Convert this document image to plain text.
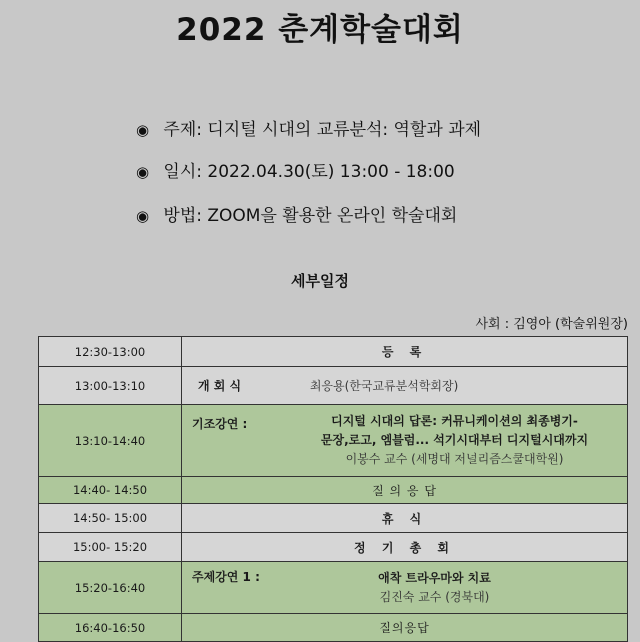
2022 춘계학술대회
◉ 주제: 디지털 시대의 교류분석: 역할과 과제
◉ 일시: 2022.04.30(토) 13:00 - 18:00
◉ 방법: ZOOM을 활용한 온라인 학술대회
세부일정
사회 : 김영아 (학술위원장)
12:30-13:00	등 록
13:00-13:10	개 회 식 최응용(한국교류분석학회장)
13:10-14:40	기조강연 : 디지털 시대의 답론: 커뮤니케이션의 최종병기-
문장,로고, 엠블럼... 석기시대부터 디지털시대까지
이봉수 교수 (세명대 저널리즘스쿨대학원)

14:40- 14:50	질 의 응 답
14:50- 15:00	휴 식
15:00- 15:20	정 기 총 회
15:20-16:40	주제강연 1 : 애착 트라우마와 치료
김진숙 교수 (경북대)

16:40-16:50	질의응답
